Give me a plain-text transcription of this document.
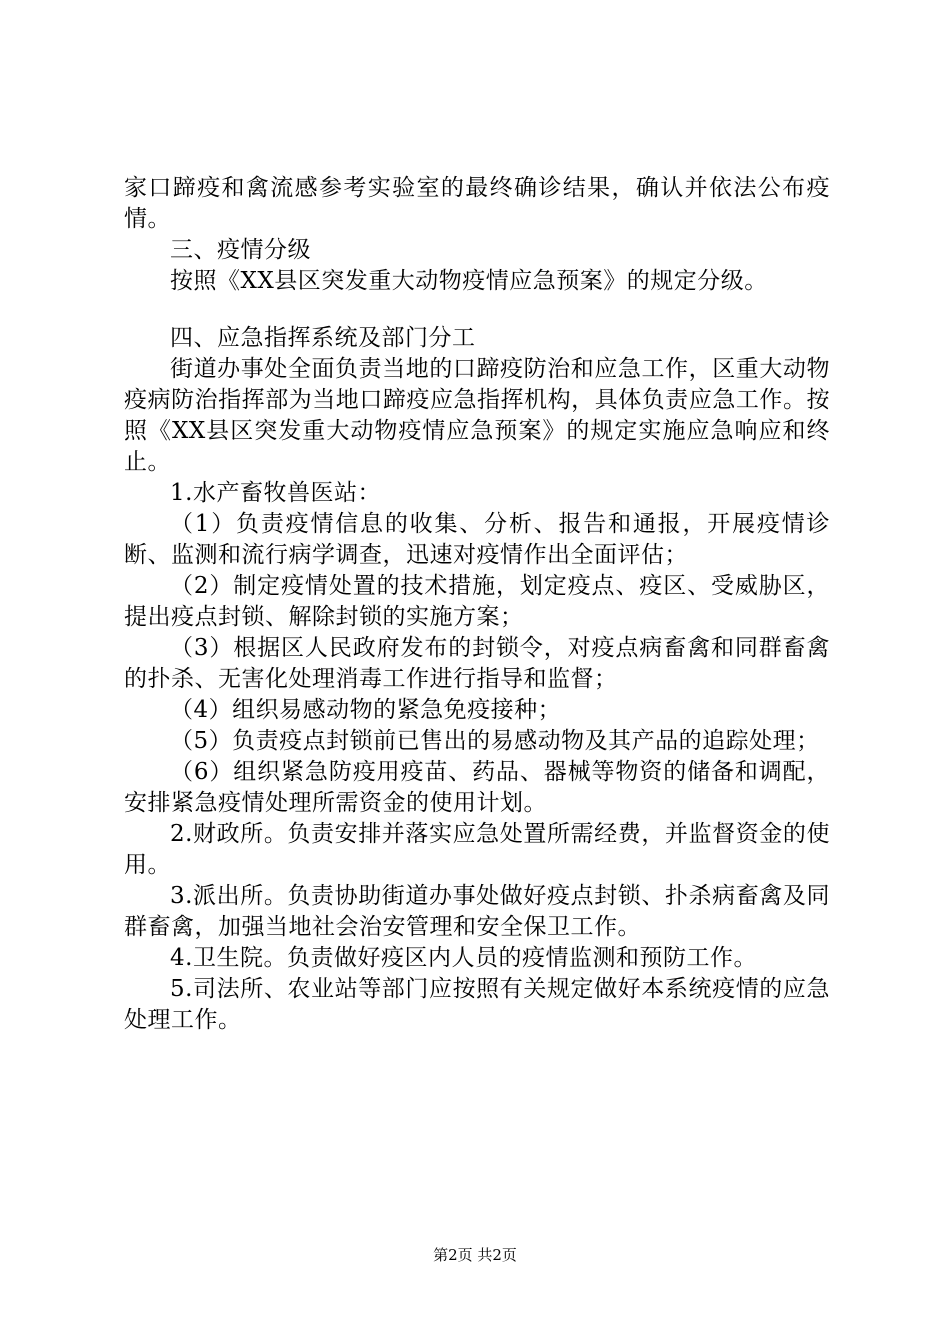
家口蹄疫和禽流感参考实验室的最终确诊结果，确认并依法公布疫情。

三、疫情分级

按照《XX县区突发重大动物疫情应急预案》的规定分级。

四、应急指挥系统及部门分工

街道办事处全面负责当地的口蹄疫防治和应急工作，区重大动物疫病防治指挥部为当地口蹄疫应急指挥机构，具体负责应急工作。按照《XX县区突发重大动物疫情应急预案》的规定实施应急响应和终止。

1.水产畜牧兽医站：

（1）负责疫情信息的收集、分析、报告和通报，开展疫情诊断、监测和流行病学调查，迅速对疫情作出全面评估；

（2）制定疫情处置的技术措施，划定疫点、疫区、受威胁区，提出疫点封锁、解除封锁的实施方案；

（3）根据区人民政府发布的封锁令，对疫点病畜禽和同群畜禽的扑杀、无害化处理消毒工作进行指导和监督；

（4）组织易感动物的紧急免疫接种；

（5）负责疫点封锁前已售出的易感动物及其产品的追踪处理；

（6）组织紧急防疫用疫苗、药品、器械等物资的储备和调配，安排紧急疫情处理所需资金的使用计划。

2.财政所。负责安排并落实应急处置所需经费，并监督资金的使用。

3.派出所。负责协助街道办事处做好疫点封锁、扑杀病畜禽及同群畜禽，加强当地社会治安管理和安全保卫工作。

4.卫生院。负责做好疫区内人员的疫情监测和预防工作。

5.司法所、农业站等部门应按照有关规定做好本系统疫情的应急处理工作。

第2页 共2页
